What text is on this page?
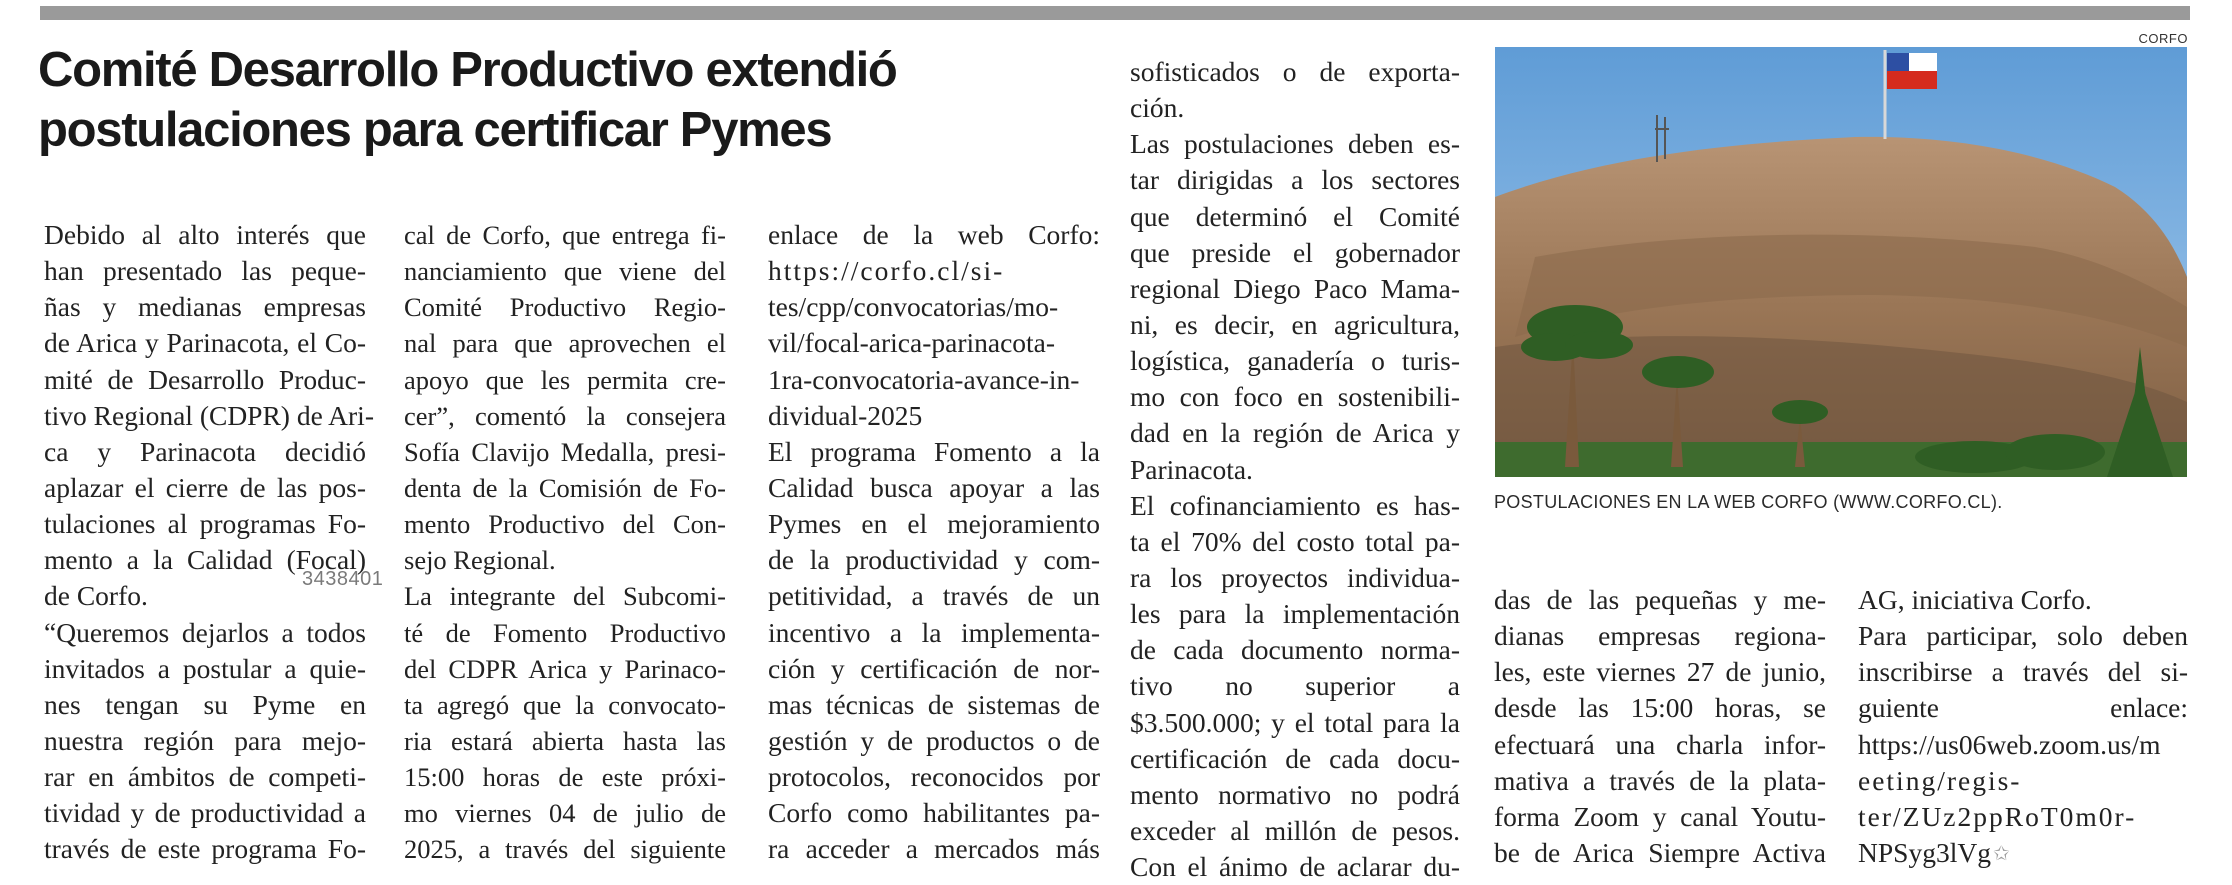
Comité Desarrollo Productivo extendió
postulaciones para certificar Pymes
Debido al alto interés que
han presentado las peque-
ñas y medianas empresas
de Arica y Parinacota, el Co-
mité de Desarrollo Produc-
tivo Regional (CDPR) de Ari-
ca y Parinacota decidió
aplazar el cierre de las pos-
tulaciones al programas Fo-
mento a la Calidad (Focal)
de Corfo.
“Queremos dejarlos a todos
invitados a postular a quie-
nes tengan su Pyme en
nuestra región para mejo-
rar en ámbitos de competi-
tividad y de productividad a
través de este programa Fo-
cal de Corfo, que entrega fi-
nanciamiento que viene del
Comité Productivo Regio-
nal para que aprovechen el
apoyo que les permita cre-
cer”, comentó la consejera
Sofía Clavijo Medalla, presi-
denta de la Comisión de Fo-
mento Productivo del Con-
sejo Regional.
La integrante del Subcomi-
té de Fomento Productivo
del CDPR Arica y Parinaco-
ta agregó que la convocato-
ria estará abierta hasta las
15:00 horas de este próxi-
mo viernes 04 de julio de
2025, a través del siguiente
enlace de la web Corfo:
https://corfo.cl/si-
tes/cpp/convocatorias/mo-
vil/focal-arica-parinacota-
1ra-convocatoria-avance-in-
dividual-2025
El programa Fomento a la
Calidad busca apoyar a las
Pymes en el mejoramiento
de la productividad y com-
petitividad, a través de un
incentivo a la implementa-
ción y certificación de nor-
mas técnicas de sistemas de
gestión y de productos o de
protocolos, reconocidos por
Corfo como habilitantes pa-
ra acceder a mercados más
sofisticados o de exporta-
ción.
Las postulaciones deben es-
tar dirigidas a los sectores
que determinó el Comité
que preside el gobernador
regional Diego Paco Mama-
ni, es decir, en agricultura,
logística, ganadería o turis-
mo con foco en sostenibili-
dad en la región de Arica y
Parinacota.
El cofinanciamiento es has-
ta el 70% del costo total pa-
ra los proyectos individua-
les para la implementación
de cada documento norma-
tivo no superior a
$3.500.000; y el total para la
certificación de cada docu-
mento normativo no podrá
exceder al millón de pesos.
Con el ánimo de aclarar du-
das de las pequeñas y me-
dianas empresas regiona-
les, este viernes 27 de junio,
desde las 15:00 horas, se
efectuará una charla infor-
mativa a través de la plata-
forma Zoom y canal Youtu-
be de Arica Siempre Activa
AG, iniciativa Corfo.
Para participar, solo deben
inscribirse a través del si-
guiente enlace:
https://us06web.zoom.us/m
eeting/regis-
ter/ZUz2ppRoT0m0r-
NPSyg3lVg ✩
CORFO
POSTULACIONES EN LA WEB CORFO (WWW.CORFO.CL).
3438401
